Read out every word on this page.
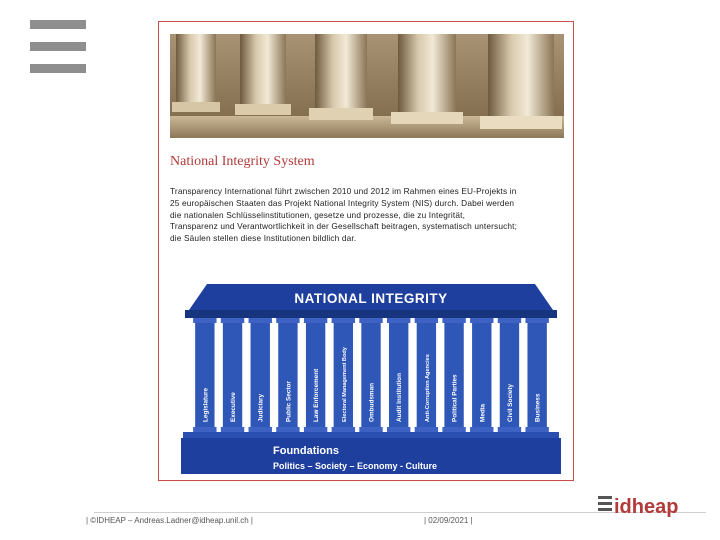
National Integrity System

Transparency International führt zwischen 2010 und 2012 im Rahmen eines EU-Projekts in
25 europäischen Staaten das Projekt National Integrity System (NIS) durch. Dabei werden
die nationalen Schlüsselinstitutionen, gesetze und prozesse, die zu Integrität,
Transparenz und Verantwortlichkeit in der Gesellschaft beitragen, systematisch untersucht;
die Säulen stellen diese Institutionen bildlich dar.

NATIONAL INTEGRITY
Legislature	Executive	Judiciary	Public Sector	Law Enforcement	Electoral Management Body	Ombudsman	Audit Institution	Anti-Corruption Agencies	Political Parties	Media	Civil Society	Business
Foundations
Politics – Society – Economy - Culture
| ©IDHEAP – Andreas.Ladner@idheap.unil.ch |	| 02/09/2021 |
idheap
